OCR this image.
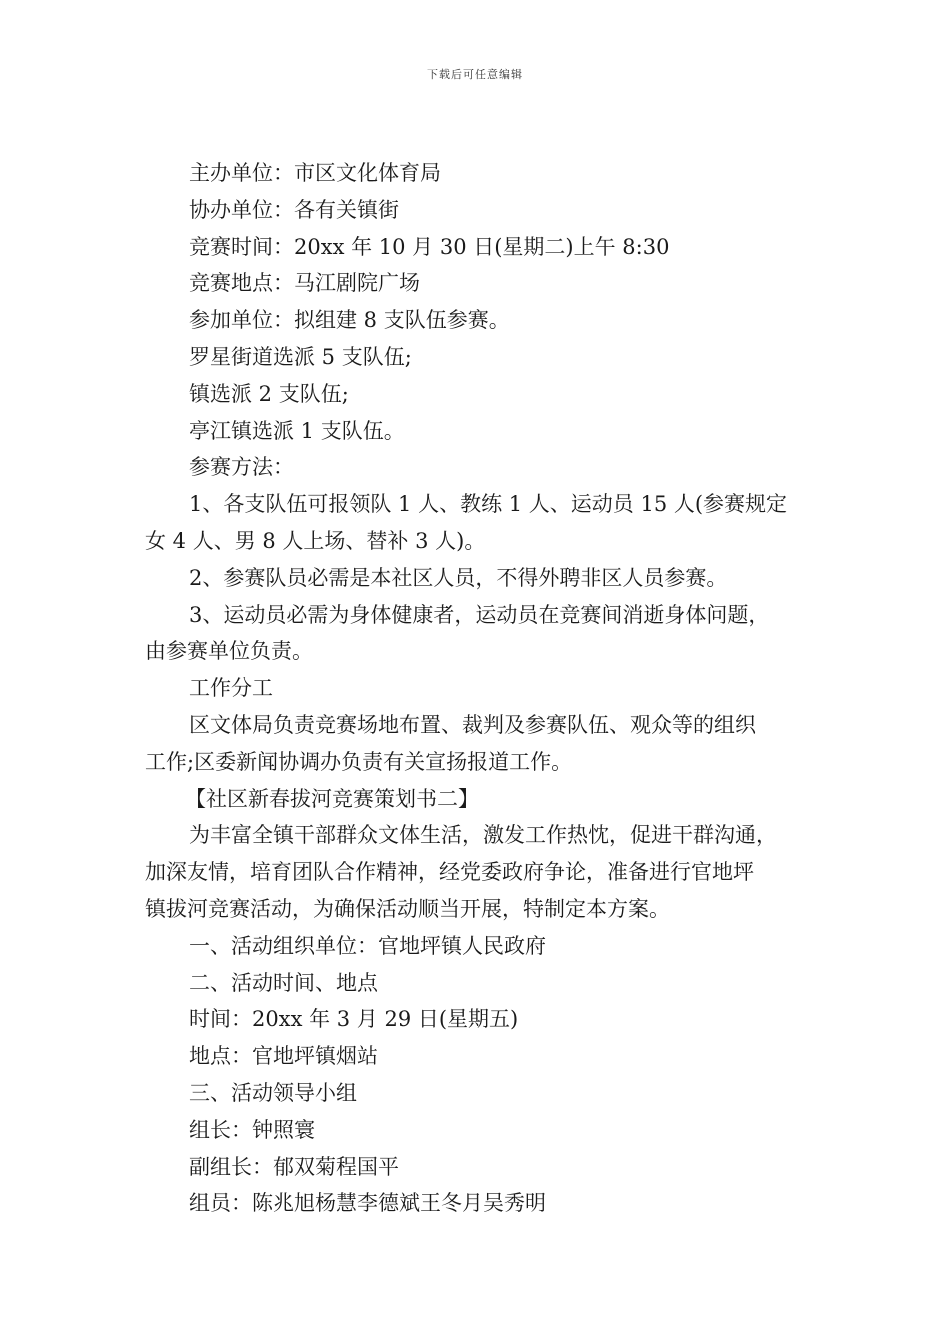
下载后可任意编辑
主办单位：市区文化体育局
协办单位：各有关镇街
竞赛时间：20xx 年 10 月 30 日(星期二)上午 8:30
竞赛地点：马江剧院广场
参加单位：拟组建 8 支队伍参赛。
罗星街道选派 5 支队伍;
镇选派 2 支队伍;
亭江镇选派 1 支队伍。
参赛方法：
1、各支队伍可报领队 1 人、教练 1 人、运动员 15 人(参赛规定
女 4 人、男 8 人上场、替补 3 人)。
2、参赛队员必需是本社区人员，不得外聘非区人员参赛。
3、运动员必需为身体健康者，运动员在竞赛间消逝身体问题，
由参赛单位负责。
工作分工
区文体局负责竞赛场地布置、裁判及参赛队伍、观众等的组织
工作;区委新闻协调办负责有关宣扬报道工作。
【社区新春拔河竞赛策划书二】
为丰富全镇干部群众文体生活，激发工作热忱，促进干群沟通，
加深友情，培育团队合作精神，经党委政府争论，准备进行官地坪
镇拔河竞赛活动，为确保活动顺当开展，特制定本方案。
一、活动组织单位：官地坪镇人民政府
二、活动时间、地点
时间：20xx 年 3 月 29 日(星期五)
地点：官地坪镇烟站
三、活动领导小组
组长：钟照寰
副组长：郁双菊程国平
组员：陈兆旭杨慧李德斌王冬月吴秀明
